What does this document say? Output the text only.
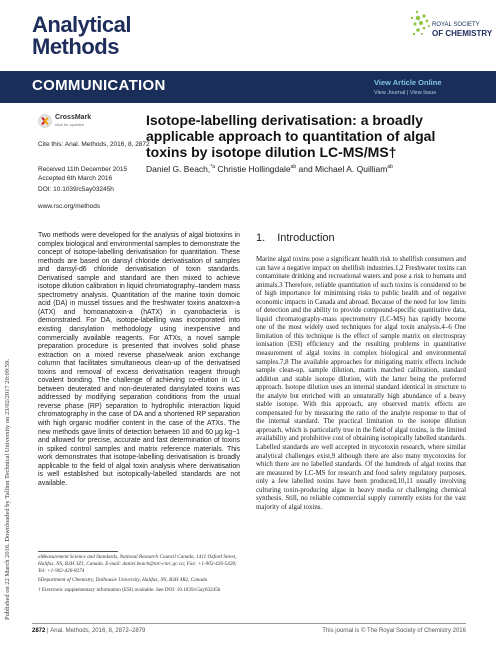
Analytical
Methods
ROYAL SOCIETY
OF CHEMISTRY
COMMUNICATION	View Article Online
View Journal | View Issue
Published on 22 March 2016. Downloaded by Tallinn Technical University on 23/02/2017 20:09:59.
CrossMark
click for updates
Cite this: Anal. Methods, 2016, 8, 2872
Received 11th December 2015
Accepted 6th March 2016
DOI: 10.1039/c5ay03245h
www.rsc.org/methods
Isotope-labelling derivatisation: a broadly applicable approach to quantitation of algal toxins by isotope dilution LC-MS/MS†
Daniel G. Beach,$^{*a}$ Christie Hollingdale$^{ab}$ and Michael A. Quilliam$^{ab}$
Two methods were developed for the analysis of algal biotoxins in complex biological and environmental samples to demonstrate the concept of isotope-labelling derivatisation for quantitation. These methods are based on dansyl chloride derivatisation of samples and dansyl-d6 chloride derivatisation of toxin standards. Derivatised sample and standard are then mixed to achieve isotope dilution calibration in liquid chromatography–tandem mass spectrometry analysis. Quantitation of the marine toxin domoic acid (DA) in mussel tissues and the freshwater toxins anatoxin-a (ATX) and homoanatoxin-a (hATX) in cyanobacteria is demonstrated. For DA, isotope-labelling was incorporated into existing dansylation methodology using inexpensive and commercially available reagents. For ATXs, a novel sample preparation procedure is presented that involves solid phase extraction on a mixed reverse phase/weak anion exchange column that facilitates simultaneous clean-up of the derivatised toxins and removal of excess derivatisation reagent through covalent bonding. The challenge of achieving co-elution in LC between deuterated and non-deuterated dansylated toxins was addressed by modifying separation conditions from the usual reverse phase (RP) separation to hydrophilic interaction liquid chromatography in the case of DA and a shortened RP separation with high organic modifier content in the case of the ATXs. The new methods gave limits of detection between 10 and 60 μg kg−1 and allowed for precise, accurate and fast determination of toxins in spiked control samples and matrix reference materials. This work demonstrates that isotope-labelling derivatisation is broadly applicable to the field of algal toxin analysis where derivatisation is well established but isotopically-labelled standards are not available.
1. Introduction
Marine algal toxins pose a significant health risk to shellfish consumers and can have a negative impact on shellfish industries.1,2 Freshwater toxins can contaminate drinking and recreational waters and pose a risk to humans and animals.3 Therefore, reliable quantitation of such toxins is considered to be of high importance for minimising risks to public health and of negative economic impacts in Canada and abroad. Because of the need for low limits of detection and the ability to provide compound-specific quantitative data, liquid chromatography-mass spectrometry (LC-MS) has rapidly become one of the most widely used techniques for algal toxin analysis.4–6 One limitation of this technique is the effect of sample matrix on electrospray ionisation (ESI) efficiency and the resulting problems in quantitative measurement of algal toxins in complex biological and environmental samples.7,8 The available approaches for mitigating matrix effects include sample clean-up, sample dilution, matrix matched calibration, standard addition and stable isotope dilution, with the latter being the preferred approach. Isotope dilution uses an internal standard identical in structure to the analyte but enriched with an unnaturally high abundance of a heavy stable isotope. With this approach, any observed matrix effects are compensated for by measuring the ratio of the analyte response to that of the internal standard. The practical limitation to the isotope dilution approach, which is particularly true in the field of algal toxins, is the limited availability and prohibitive cost of obtaining isotopically labelled standards. Labelled standards are well accepted in mycotoxin research, where similar analytical challenges exist,9 although there are also many mycotoxins for which there are no labelled standards. Of the hundreds of algal toxins that are measured by LC-MS for research and food safety regulatory purposes, only a few labelled toxins have been produced,10,11 usually involving culturing toxin-producing algae in heavy media or challenging chemical synthesis. Still, no reliable commercial supply currently exists for the vast majority of algal toxins.

aMeasurement Science and Standards, National Research Council Canada, 1411 Oxford Street, Halifax, NS, B3H 3Z1, Canada. E-mail: daniel.beach@nrc-cnrc.gc.ca; Fax: +1-902-426-5426; Tel: +1-902-426-8274

bDepartment of Chemistry, Dalhousie University, Halifax, NS, B3H 4R2, Canada

† Electronic supplementary information (ESI) available. See DOI: 10.1039/c5ay03245h

2872 | Anal. Methods, 2016, 8, 2872–2879	This journal is © The Royal Society of Chemistry 2016
